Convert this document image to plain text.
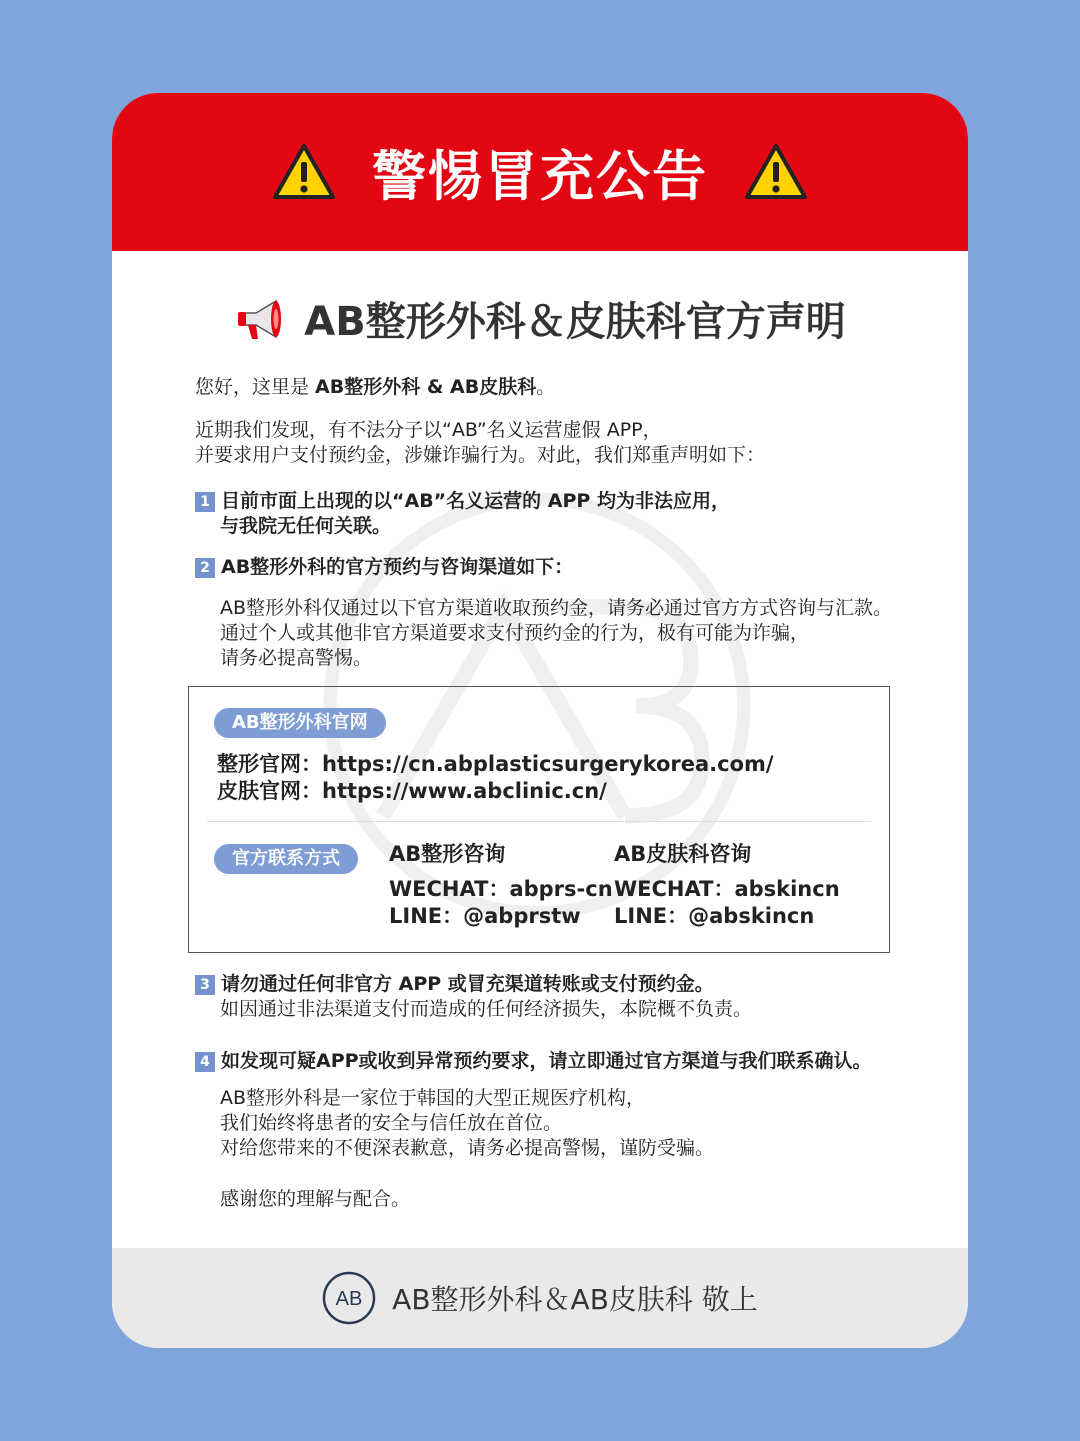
警惕冒充公告
AB整形外科＆皮肤科官方声明
您好，这里是 AB整形外科 & AB皮肤科。
近期我们发现，有不法分子以“AB”名义运营虚假 APP，
并要求用户支付预约金，涉嫌诈骗行为。对此，我们郑重声明如下：
1 目前市面上出现的以“AB”名义运营的 APP 均为非法应用，
与我院无任何关联。
2 AB整形外科的官方预约与咨询渠道如下：
AB整形外科仅通过以下官方渠道收取预约金，请务必通过官方方式咨询与汇款。
通过个人或其他非官方渠道要求支付预约金的行为，极有可能为诈骗，
请务必提高警惕。
AB整形外科官网
整形官网：https://cn.abplasticsurgerykorea.com/
皮肤官网：https://www.abclinic.cn/
官方联系方式	AB整形咨询
WECHAT：abprs-cn
LINE：@abprstw
AB皮肤科咨询
WECHAT：abskincn
LINE：@abskincn
3 请勿通过任何非官方 APP 或冒充渠道转账或支付预约金。
如因通过非法渠道支付而造成的任何经济损失，本院概不负责。
4 如发现可疑APP或收到异常预约要求，请立即通过官方渠道与我们联系确认。
AB整形外科是一家位于韩国的大型正规医疗机构，
我们始终将患者的安全与信任放在首位。
对给您带来的不便深表歉意，请务必提高警惕，谨防受骗。
感谢您的理解与配合。
AB AB整形外科＆AB皮肤科 敬上
